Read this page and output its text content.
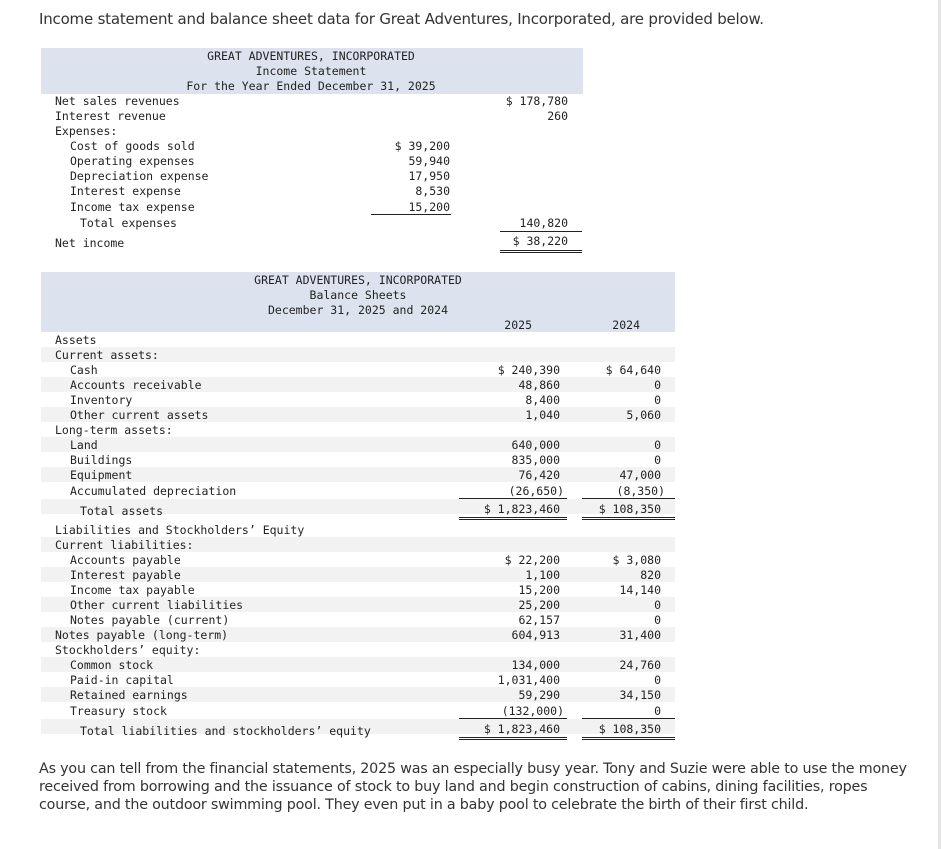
Income statement and balance sheet data for Great Adventures, Incorporated, are provided below.
GREAT ADVENTURES, INCORPORATED
Income Statement
For the Year Ended December 31, 2025
Net sales revenues	$ 178,780
Interest revenue	260
Expenses:
Cost of goods sold	$ 39,200
Operating expenses	59,940
Depreciation expense	17,950
Interest expense	8,530
Income tax expense	15,200
Total expenses	140,820
Net income	$ 38,220
GREAT ADVENTURES, INCORPORATED
Balance Sheets
December 31, 2025 and 2024
2025	2024
Assets
Current assets:
Cash	$ 240,390	$ 64,640
Accounts receivable	48,860	0
Inventory	8,400	0
Other current assets	1,040	5,060
Long-term assets:
Land	640,000	0
Buildings	835,000	0
Equipment	76,420	47,000
Accumulated depreciation	(26,650)	(8,350)
Total assets	$ 1,823,460	$ 108,350
Liabilities and Stockholders’ Equity
Current liabilities:
Accounts payable	$ 22,200	$ 3,080
Interest payable	1,100	820
Income tax payable	15,200	14,140
Other current liabilities	25,200	0
Notes payable (current)	62,157	0
Notes payable (long-term)	604,913	31,400
Stockholders’ equity:
Common stock	134,000	24,760
Paid-in capital	1,031,400	0
Retained earnings	59,290	34,150
Treasury stock	(132,000)	0
Total liabilities and stockholders’ equity	$ 1,823,460	$ 108,350
As you can tell from the financial statements, 2025 was an especially busy year. Tony and Suzie were able to use the money received from borrowing and the issuance of stock to buy land and begin construction of cabins, dining facilities, ropes course, and the outdoor swimming pool. They even put in a baby pool to celebrate the birth of their first child.
